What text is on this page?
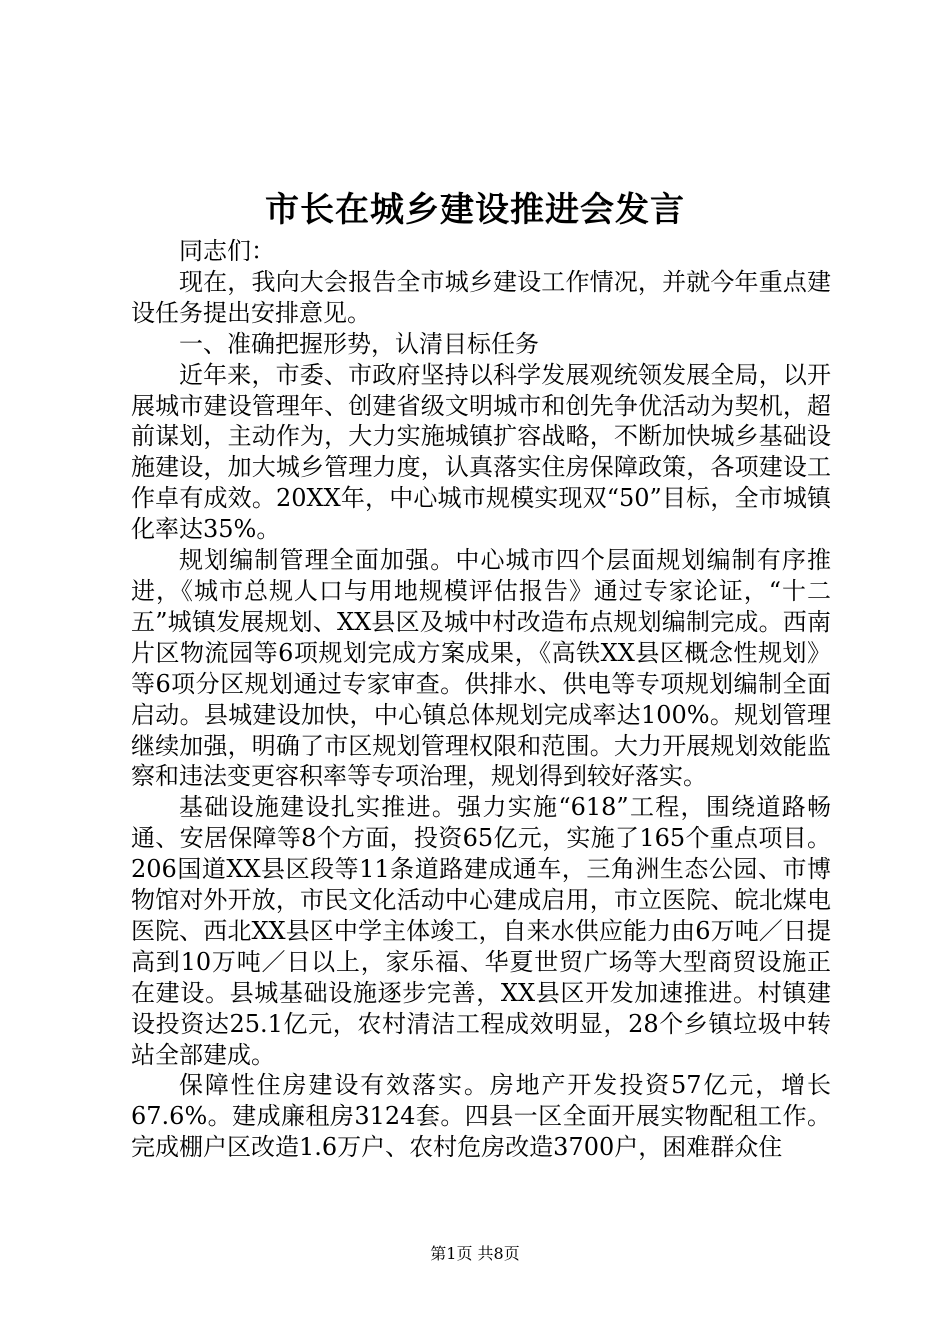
市长在城乡建设推进会发言

同志们：

现在，我向大会报告全市城乡建设工作情况，并就今年重点建设任务提出安排意见。

一、准确把握形势，认清目标任务

近年来，市委、市政府坚持以科学发展观统领发展全局，以开展城市建设管理年、创建省级文明城市和创先争优活动为契机，超前谋划，主动作为，大力实施城镇扩容战略，不断加快城乡基础设施建设，加大城乡管理力度，认真落实住房保障政策，各项建设工作卓有成效。20XX年，中心城市规模实现双“50”目标，全市城镇化率达35%。

规划编制管理全面加强。中心城市四个层面规划编制有序推进，《城市总规人口与用地规模评估报告》通过专家论证，“十二五”城镇发展规划、XX县区及城中村改造布点规划编制完成。西南片区物流园等6项规划完成方案成果，《高铁XX县区概念性规划》等6项分区规划通过专家审查。供排水、供电等专项规划编制全面启动。县城建设加快，中心镇总体规划完成率达100%。规划管理继续加强，明确了市区规划管理权限和范围。大力开展规划效能监察和违法变更容积率等专项治理，规划得到较好落实。

基础设施建设扎实推进。强力实施“618”工程，围绕道路畅通、安居保障等8个方面，投资65亿元，实施了165个重点项目。206国道XX县区段等11条道路建成通车，三角洲生态公园、市博物馆对外开放，市民文化活动中心建成启用，市立医院、皖北煤电医院、西北XX县区中学主体竣工，自来水供应能力由6万吨／日提高到10万吨／日以上，家乐福、华夏世贸广场等大型商贸设施正在建设。县城基础设施逐步完善，XX县区开发加速推进。村镇建设投资达25.1亿元，农村清洁工程成效明显，28个乡镇垃圾中转站全部建成。

保障性住房建设有效落实。房地产开发投资57亿元，增长67.6%。建成廉租房3124套。四县一区全面开展实物配租工作。完成棚户区改造1.6万户、农村危房改造3700户，困难群众住

第1页 共8页
